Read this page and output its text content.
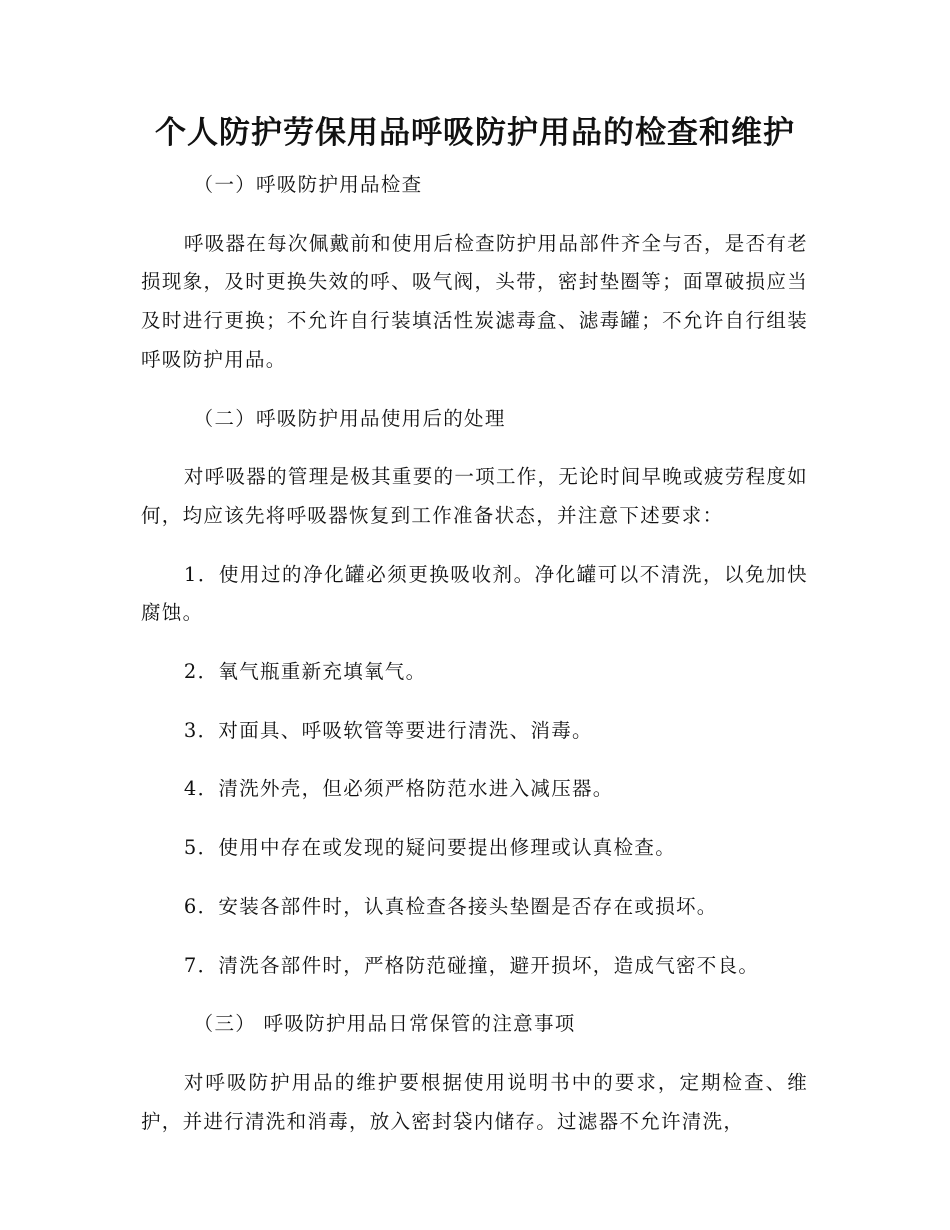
个人防护劳保用品呼吸防护用品的检查和维护

（一）呼吸防护用品检查

呼吸器在每次佩戴前和使用后检查防护用品部件齐全与否，是否有老损现象，及时更换失效的呼、吸气阀，头带，密封垫圈等；面罩破损应当及时进行更换；不允许自行装填活性炭滤毒盒、滤毒罐；不允许自行组装呼吸防护用品。

（二）呼吸防护用品使用后的处理

对呼吸器的管理是极其重要的一项工作，无论时间早晚或疲劳程度如何，均应该先将呼吸器恢复到工作准备状态，并注意下述要求：

1．使用过的净化罐必须更换吸收剂。净化罐可以不清洗，以免加快腐蚀。

2．氧气瓶重新充填氧气。

3．对面具、呼吸软管等要进行清洗、消毒。

4．清洗外壳，但必须严格防范水进入减压器。

5．使用中存在或发现的疑问要提出修理或认真检查。

6．安装各部件时，认真检查各接头垫圈是否存在或损坏。

7．清洗各部件时，严格防范碰撞，避开损坏，造成气密不良。

（三） 呼吸防护用品日常保管的注意事项

对呼吸防护用品的维护要根据使用说明书中的要求，定期检查、维护，并进行清洗和消毒，放入密封袋内储存。过滤器不允许清洗，
